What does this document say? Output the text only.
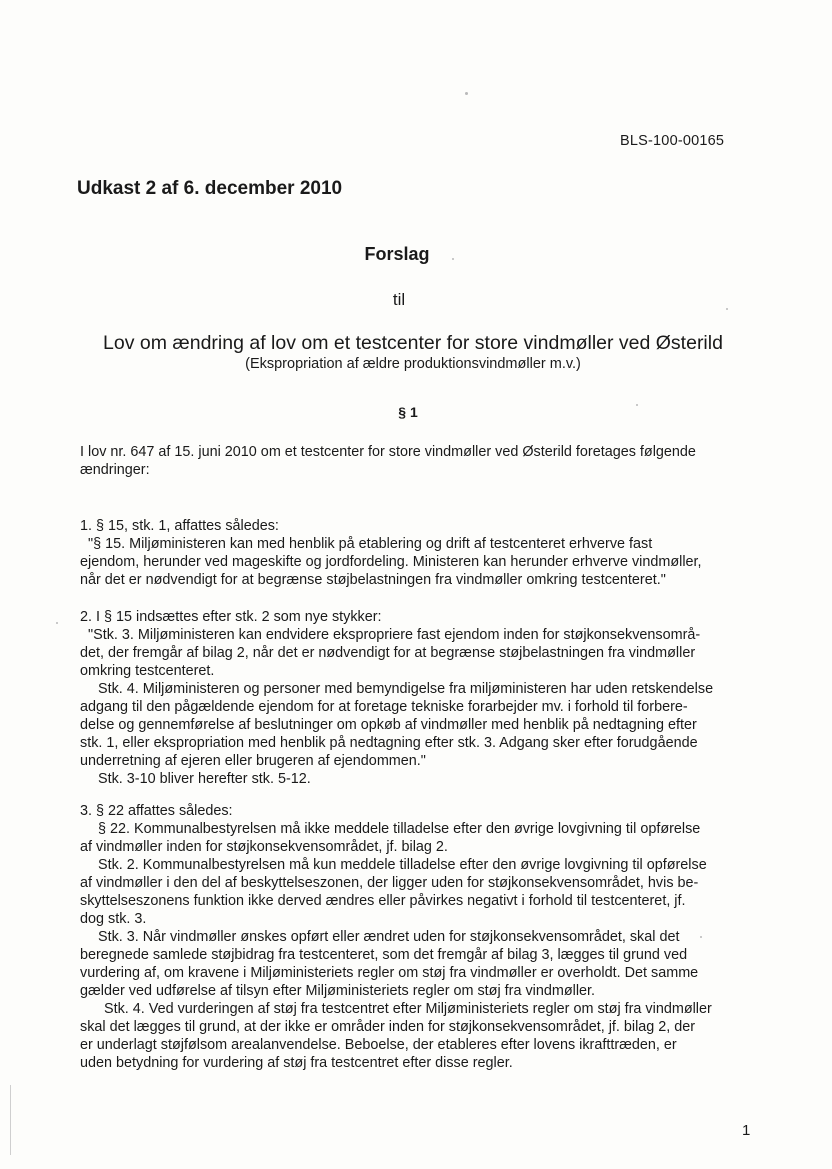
BLS-100-00165
Udkast 2 af 6. december 2010
Forslag
til
Lov om ændring af lov om et testcenter for store vindmøller ved Østerild
(Ekspropriation af ældre produktionsvindmøller m.v.)
§ 1
I lov nr. 647 af 15. juni 2010 om et testcenter for store vindmøller ved Østerild foretages følgende
ændringer:
1. § 15, stk. 1, affattes således:
"§ 15. Miljøministeren kan med henblik på etablering og drift af testcenteret erhverve fast
ejendom, herunder ved mageskifte og jordfordeling. Ministeren kan herunder erhverve vindmøller,
når det er nødvendigt for at begrænse støjbelastningen fra vindmøller omkring testcenteret."
2. I § 15 indsættes efter stk. 2 som nye stykker:
"Stk. 3. Miljøministeren kan endvidere ekspropriere fast ejendom inden for støjkonsekvensområ-
det, der fremgår af bilag 2, når det er nødvendigt for at begrænse støjbelastningen fra vindmøller
omkring testcenteret.
Stk. 4. Miljøministeren og personer med bemyndigelse fra miljøministeren har uden retskendelse
adgang til den pågældende ejendom for at foretage tekniske forarbejder mv. i forhold til forbere-
delse og gennemførelse af beslutninger om opkøb af vindmøller med henblik på nedtagning efter
stk. 1, eller ekspropriation med henblik på nedtagning efter stk. 3. Adgang sker efter forudgående
underretning af ejeren eller brugeren af ejendommen."
Stk. 3-10 bliver herefter stk. 5-12.
3. § 22 affattes således:
§ 22. Kommunalbestyrelsen må ikke meddele tilladelse efter den øvrige lovgivning til opførelse
af vindmøller inden for støjkonsekvensområdet, jf. bilag 2.
Stk. 2. Kommunalbestyrelsen må kun meddele tilladelse efter den øvrige lovgivning til opførelse
af vindmøller i den del af beskyttelseszonen, der ligger uden for støjkonsekvensområdet, hvis be-
skyttelseszonens funktion ikke derved ændres eller påvirkes negativt i forhold til testcenteret, jf.
dog stk. 3.
Stk. 3. Når vindmøller ønskes opført eller ændret uden for støjkonsekvensområdet, skal det
beregnede samlede støjbidrag fra testcenteret, som det fremgår af bilag 3, lægges til grund ved
vurdering af, om kravene i Miljøministeriets regler om støj fra vindmøller er overholdt. Det samme
gælder ved udførelse af tilsyn efter Miljøministeriets regler om støj fra vindmøller.
Stk. 4. Ved vurderingen af støj fra testcentret efter Miljøministeriets regler om støj fra vindmøller
skal det lægges til grund, at der ikke er områder inden for støjkonsekvensområdet, jf. bilag 2, der
er underlagt støjfølsom arealanvendelse. Beboelse, der etableres efter lovens ikrafttræden, er
uden betydning for vurdering af støj fra testcentret efter disse regler.
1
